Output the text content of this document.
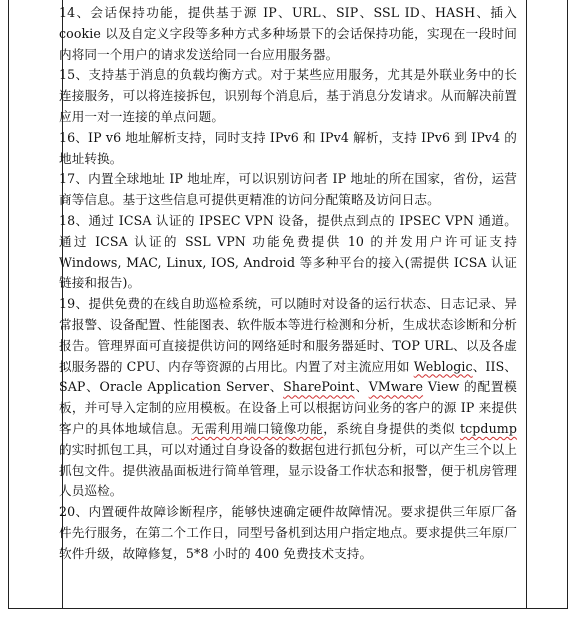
14、会话保持功能，提供基于源 IP、URL、SIP、SSL ID、HASH、插入 cookie 以及自定义字段等多种方式多种场景下的会话保持功能，实现在一段时间内将同一个用户的请求发送给同一台应用服务器。

15、支持基于消息的负载均衡方式。对于某些应用服务，尤其是外联业务中的长连接服务，可以将连接拆包，识别每个消息后，基于消息分发请求。从而解决前置应用一对一连接的单点问题。

16、IP v6 地址解析支持，同时支持 IPv6 和 IPv4 解析，支持 IPv6 到 IPv4 的地址转换。

17、内置全球地址 IP 地址库，可以识别访问者 IP 地址的所在国家，省份，运营商等信息。基于这些信息可提供更精准的访问分配策略及访问日志。

18、通过 ICSA 认证的 IPSEC VPN 设备，提供点到点的 IPSEC VPN 通道。通过 ICSA 认证的 SSL VPN 功能免费提供 10 的并发用户许可证支持 Windows, MAC, Linux, IOS, Android 等多种平台的接入(需提供 ICSA 认证链接和报告)。

19、提供免费的在线自助巡检系统，可以随时对设备的运行状态、日志记录、异常报警、设备配置、性能图表、软件版本等进行检测和分析，生成状态诊断和分析报告。管理界面可直接提供访问的网络延时和服务器延时、TOP URL、以及各虚拟服务器的 CPU、内存等资源的占用比。内置了对主流应用如 Weblogic、IIS、SAP、Oracle Application Server、SharePoint、VMware View 的配置模板，并可导入定制的应用模板。在设备上可以根据访问业务的客户的源 IP 来提供客户的具体地域信息。无需利用端口镜像功能，系统自身提供的类似 tcpdump 的实时抓包工具，可以对通过自身设备的数据包进行抓包分析，可以产生三个以上抓包文件。提供液晶面板进行简单管理，显示设备工作状态和报警，便于机房管理人员巡检。

20、内置硬件故障诊断程序，能够快速确定硬件故障情况。要求提供三年原厂备件先行服务，在第二个工作日，同型号备机到达用户指定地点。要求提供三年原厂软件升级，故障修复，5*8 小时的 400 免费技术支持。
